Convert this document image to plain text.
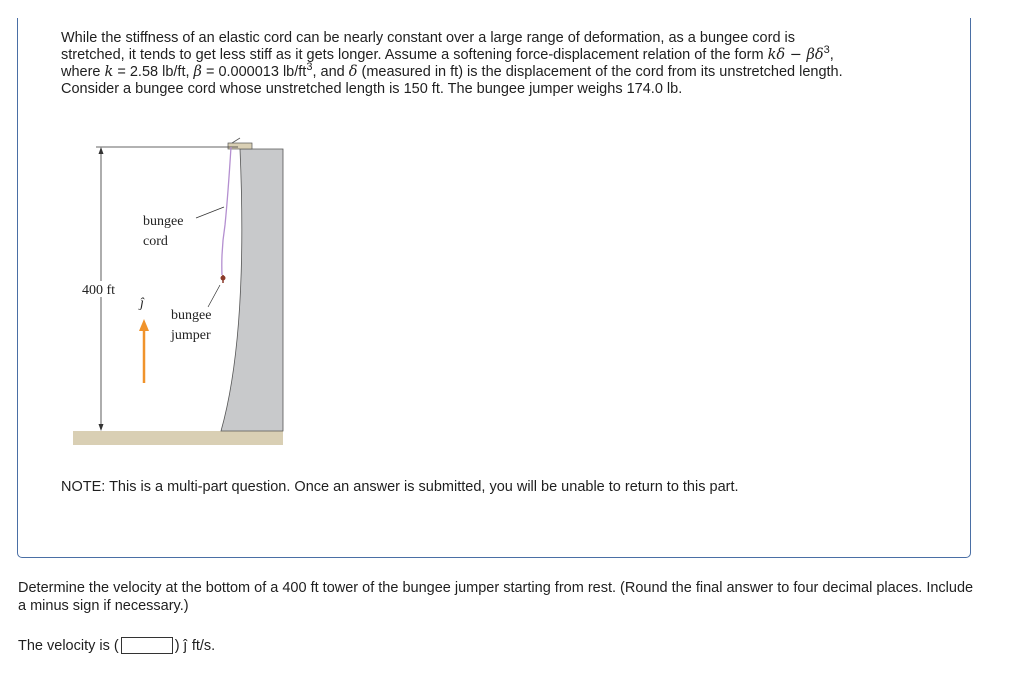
While the stiffness of an elastic cord can be nearly constant over a large range of deformation, as a bungee cord is

stretched, it tends to get less stiff as it gets longer. Assume a softening force-displacement relation of the form $k\delta - \beta\delta^3$,

where k = 2.58 lb/ft, β = 0.000013 $lb/ft^3$, and δ (measured in ft) is the displacement of the cord from its unstretched length.

Consider a bungee cord whose unstretched length is 150 ft. The bungee jumper weighs 174.0 lb.

400 ft
bungee
cord
bungee
jumper
ĵ
NOTE: This is a multi-part question. Once an answer is submitted, you will be unable to return to this part.
Determine the velocity at the bottom of a 400 ft tower of the bungee jumper starting from rest. (Round the final answer to four decimal places. Include a minus sign if necessary.)
The velocity is (	) ĵ ft/s.
